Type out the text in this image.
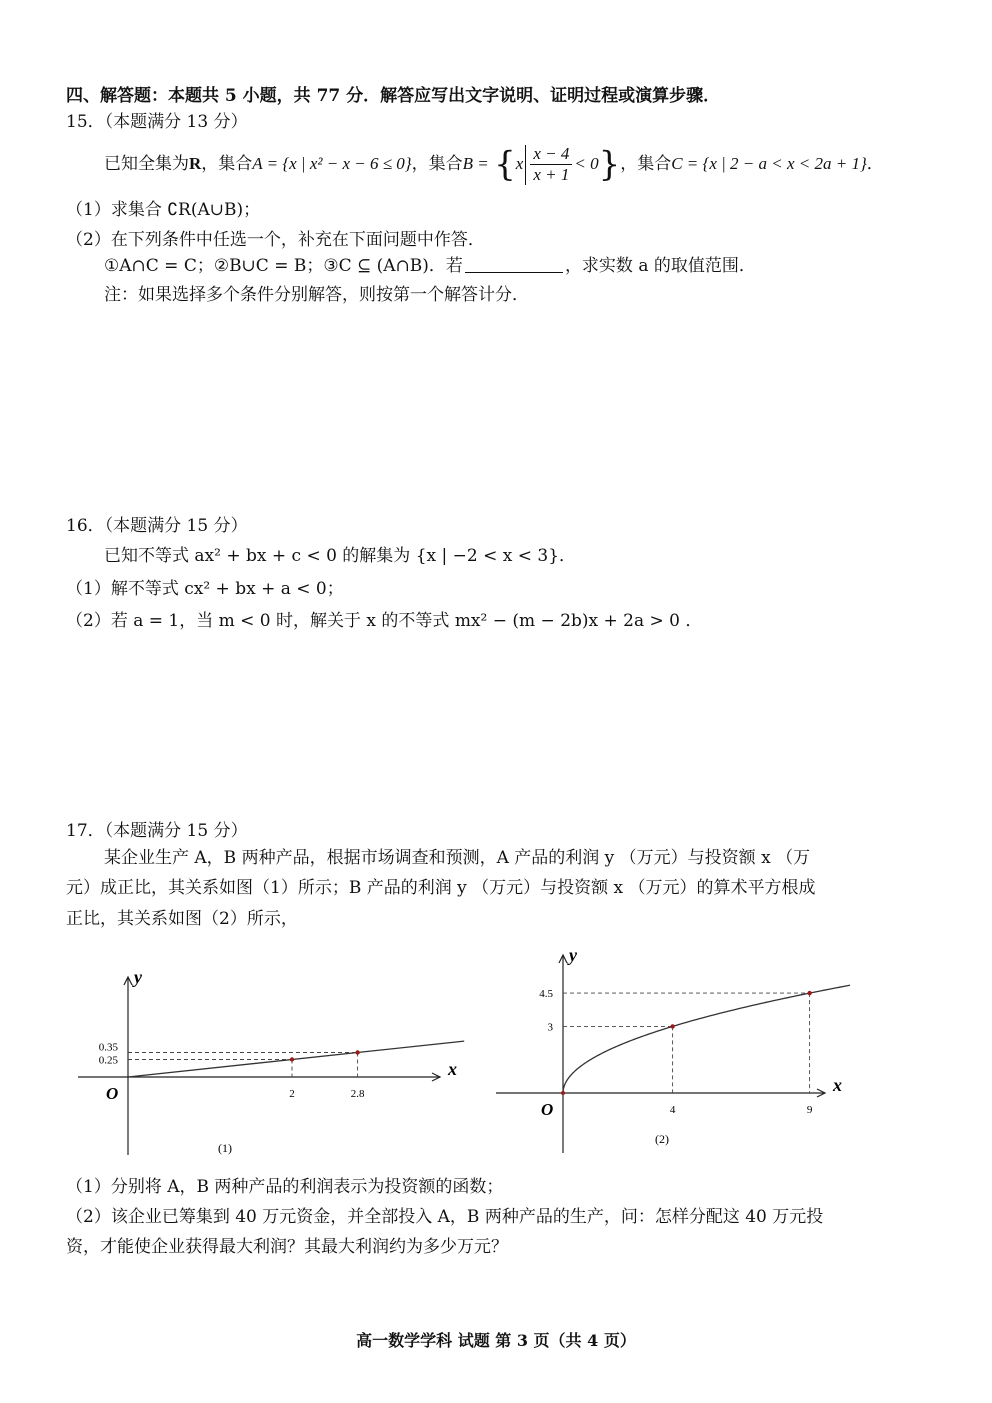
四、解答题：本题共 5 小题，共 77 分．解答应写出文字说明、证明过程或演算步骤．
15．（本题满分 13 分）
已知全集为R，集合A = {x | x² − x − 6 ≤ 0}，集合$B = \{x \frac{x - 4}{x + 1} < 0\}$，集合C = {x | 2 − a < x < 2a + 1}．
（1）求集合 ∁R(A∪B)；
（2）在下列条件中任选一个，补充在下面问题中作答．
①A∩C = C；②B∪C = B；③C ⊆ (A∩B)．若	，求实数 a 的取值范围．
注：如果选择多个条件分别解答，则按第一个解答计分．
16．（本题满分 15 分）
已知不等式 ax² + bx + c < 0 的解集为 {x | −2 < x < 3}．
（1）解不等式 cx² + bx + a < 0；
（2）若 a = 1，当 m < 0 时，解关于 x 的不等式 mx² − (m − 2b)x + 2a > 0 ．
17．（本题满分 15 分）
某企业生产 A，B 两种产品，根据市场调查和预测，A 产品的利润 y （万元）与投资额 x （万
元）成正比，其关系如图（1）所示；B 产品的利润 y （万元）与投资额 x （万元）的算术平方根成
正比，其关系如图（2）所示，
x
y
O	2	2.8
0.35
0.25
(1)
x
y
O	4	9
4.5
3
(2)
（1）分别将 A，B 两种产品的利润表示为投资额的函数；
（2）该企业已筹集到 40 万元资金，并全部投入 A，B 两种产品的生产，问：怎样分配这 40 万元投
资，才能使企业获得最大利润？其最大利润约为多少万元？
高一数学学科 试题 第 3 页（共 4 页）
